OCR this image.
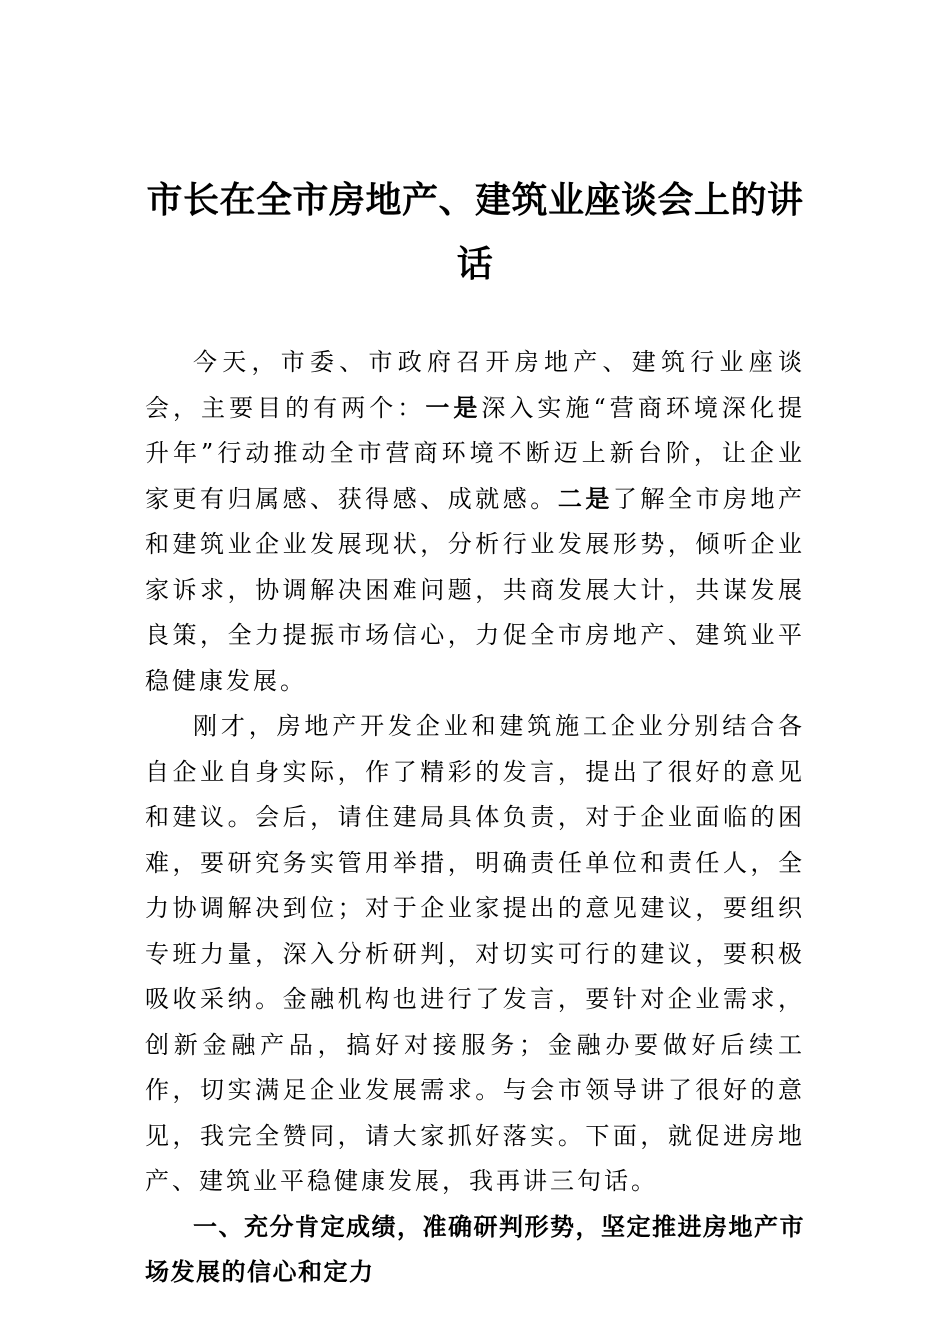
市长在全市房地产、建筑业座谈会上的讲话

今天，市委、市政府召开房地产、建筑行业座谈会，主要目的有两个：一是深入实施“营商环境深化提升年”行动推动全市营商环境不断迈上新台阶，让企业家更有归属感、获得感、成就感。二是了解全市房地产和建筑业企业发展现状，分析行业发展形势，倾听企业家诉求，协调解决困难问题，共商发展大计，共谋发展良策，全力提振市场信心，力促全市房地产、建筑业平稳健康发展。

刚才，房地产开发企业和建筑施工企业分别结合各自企业自身实际，作了精彩的发言，提出了很好的意见和建议。会后，请住建局具体负责，对于企业面临的困难，要研究务实管用举措，明确责任单位和责任人，全力协调解决到位；对于企业家提出的意见建议，要组织专班力量，深入分析研判，对切实可行的建议，要积极吸收采纳。金融机构也进行了发言，要针对企业需求，创新金融产品，搞好对接服务；金融办要做好后续工作，切实满足企业发展需求。与会市领导讲了很好的意见，我完全赞同，请大家抓好落实。下面，就促进房地产、建筑业平稳健康发展，我再讲三句话。

一、充分肯定成绩，准确研判形势，坚定推进房地产市场发展的信心和定力
